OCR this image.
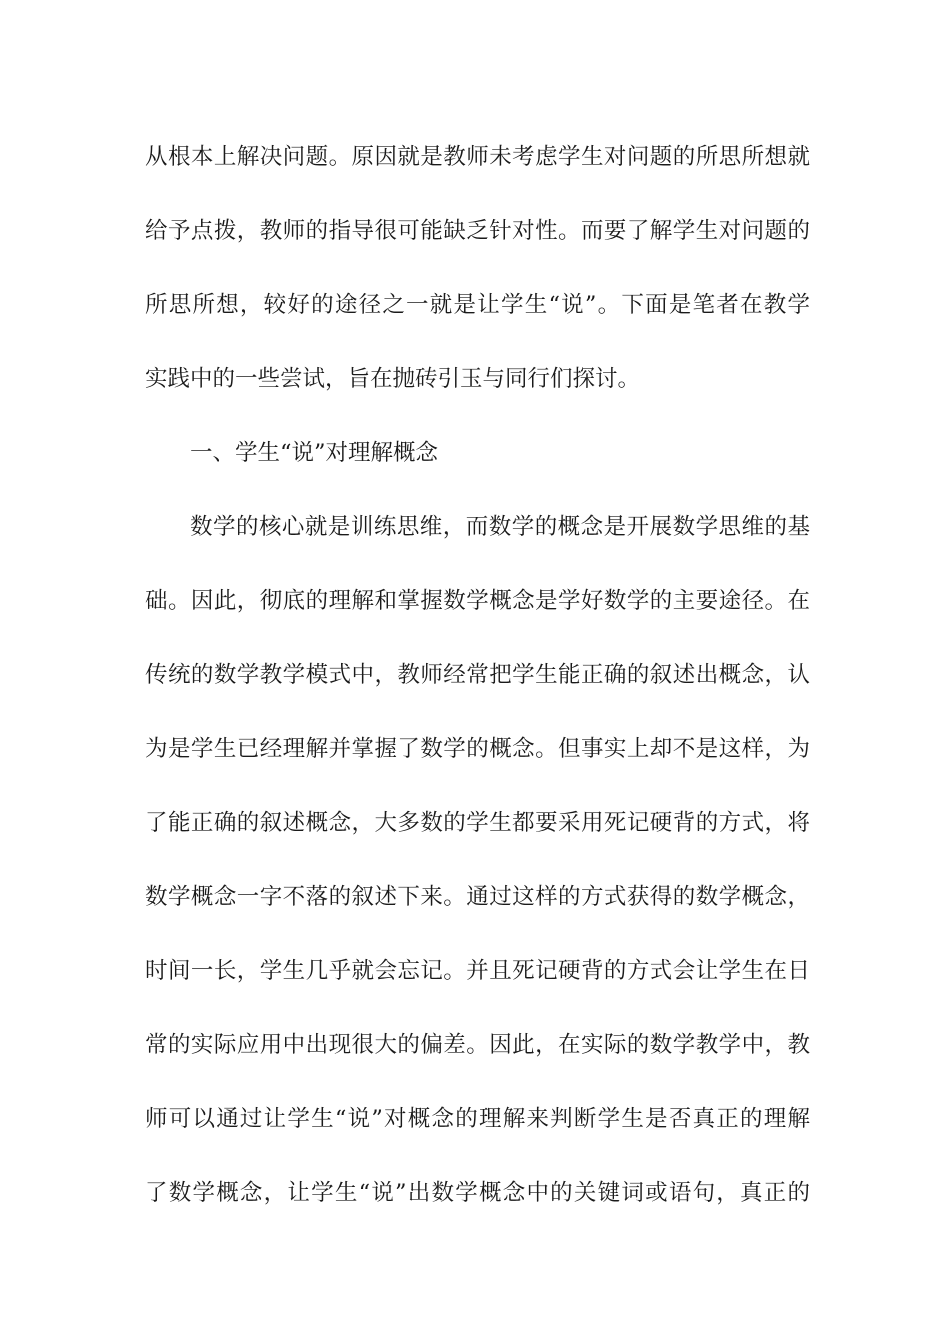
从根本上解决问题。原因就是教师未考虑学生对问题的所思所想就
给予点拨，教师的指导很可能缺乏针对性。而要了解学生对问题的
所思所想，较好的途径之一就是让学生“说”。下面是笔者在教学
实践中的一些尝试，旨在抛砖引玉与同行们探讨。
一、学生“说”对理解概念
数学的核心就是训练思维，而数学的概念是开展数学思维的基
础。因此，彻底的理解和掌握数学概念是学好数学的主要途径。在
传统的数学教学模式中，教师经常把学生能正确的叙述出概念，认
为是学生已经理解并掌握了数学的概念。但事实上却不是这样，为
了能正确的叙述概念，大多数的学生都要采用死记硬背的方式，将
数学概念一字不落的叙述下来。通过这样的方式获得的数学概念，
时间一长，学生几乎就会忘记。并且死记硬背的方式会让学生在日
常的实际应用中出现很大的偏差。因此，在实际的数学教学中，教
师可以通过让学生“说”对概念的理解来判断学生是否真正的理解
了数学概念，让学生“说”出数学概念中的关键词或语句，真正的
